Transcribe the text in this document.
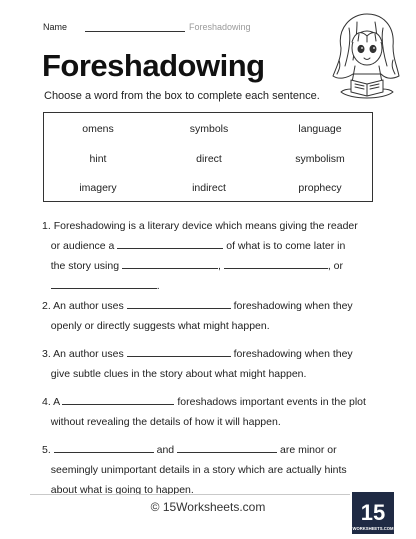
Name	Foreshadowing
Foreshadowing
Choose a word from the box to complete each sentence.
omens	symbols	language
hint	direct	symbolism
imagery	indirect	prophecy
1. Foreshadowing is a literary device which means giving the reader
or audience a	of what is to come later in
the story using	,	, or
.
2. An author uses	foreshadowing when they
openly or directly suggests what might happen.
3. An author uses	foreshadowing when they
give subtle clues in the story about what might happen.
4. A	foreshadows important events in the plot
without revealing the details of how it will happen.
5.	and	are minor or
seemingly unimportant details in a story which are actually hints
about what is going to happen.
© 15Worksheets.com	15
WORKSHEETS.COM
